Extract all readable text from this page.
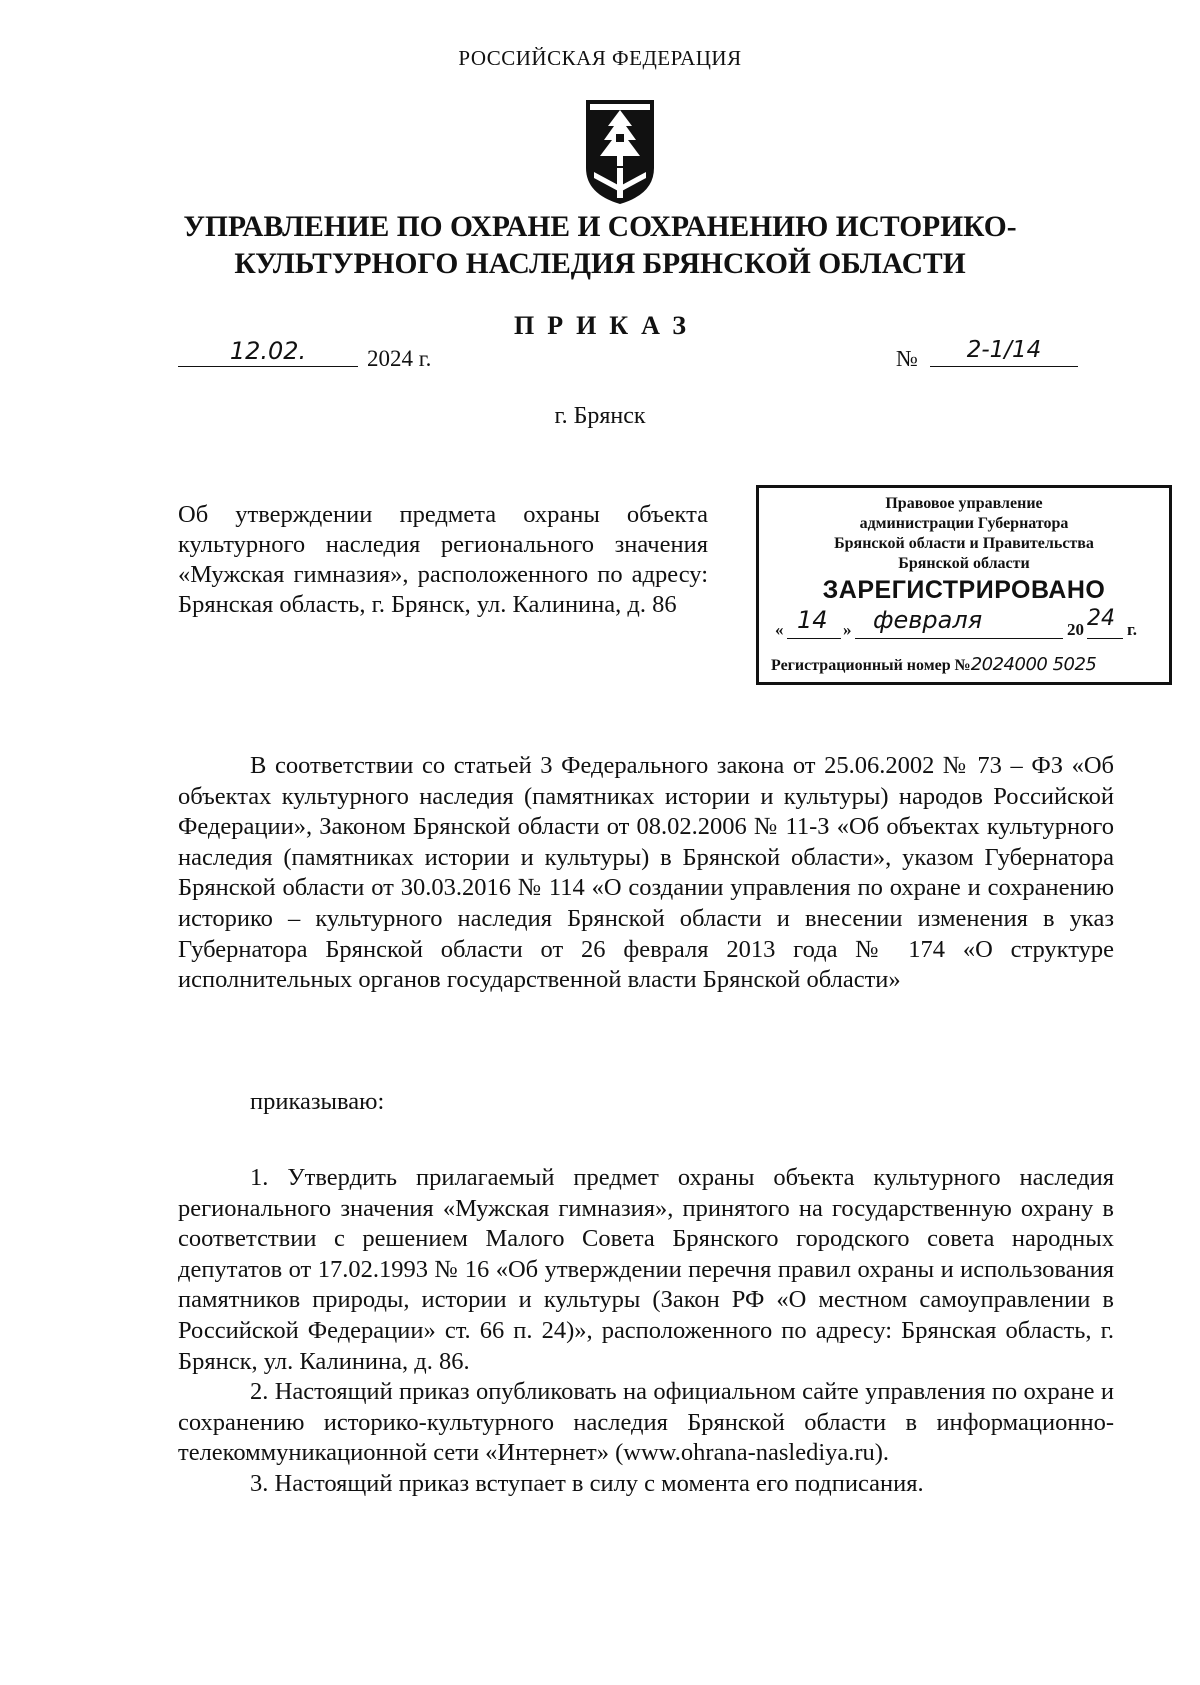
РОССИЙСКАЯ ФЕДЕРАЦИЯ
УПРАВЛЕНИЕ ПО ОХРАНЕ И СОХРАНЕНИЮ ИСТОРИКО-
КУЛЬТУРНОГО НАСЛЕДИЯ БРЯНСКОЙ ОБЛАСТИ
ПРИКАЗ
12.02.	2024 г.	№	2-1/14
г. Брянск
Об утверждении предмета охраны объекта культурного наследия регионального значения «Мужская гимназия», расположенного по адресу: Брянская область, г. Брянск, ул. Калинина, д. 86
Правовое управление
администрации Губернатора
Брянской области и Правительства
Брянской области
ЗАРЕГИСТРИРОВАНО
« 14 » февраля	20 24 г.
Регистрационный номер №2024000 5025

В соответствии со статьей 3 Федерального закона от 25.06.2002 № 73 – ФЗ «Об объектах культурного наследия (памятниках истории и культуры) народов Российской Федерации», Законом Брянской области от 08.02.2006 № 11-З «Об объектах культурного наследия (памятниках истории и культуры) в Брянской области», указом Губернатора Брянской области от 30.03.2016 № 114 «О создании управления по охране и сохранению историко – культурного наследия Брянской области и внесении изменения в указ Губернатора Брянской области от 26 февраля 2013 года № 174 «О структуре исполнительных органов государственной власти Брянской области»

приказываю:

1. Утвердить прилагаемый предмет охраны объекта культурного наследия регионального значения «Мужская гимназия», принятого на государственную охрану в соответствии с решением Малого Совета Брянского городского совета народных депутатов от 17.02.1993 № 16 «Об утверждении перечня правил охраны и использования памятников природы, истории и культуры (Закон РФ «О местном самоуправлении в Российской Федерации» ст. 66 п. 24)», расположенного по адресу: Брянская область, г. Брянск, ул. Калинина, д. 86.

2. Настоящий приказ опубликовать на официальном сайте управления по охране и сохранению историко-культурного наследия Брянской области в информационно-телекоммуникационной сети «Интернет» (www.ohrana-naslediya.ru).

3. Настоящий приказ вступает в силу с момента его подписания.
